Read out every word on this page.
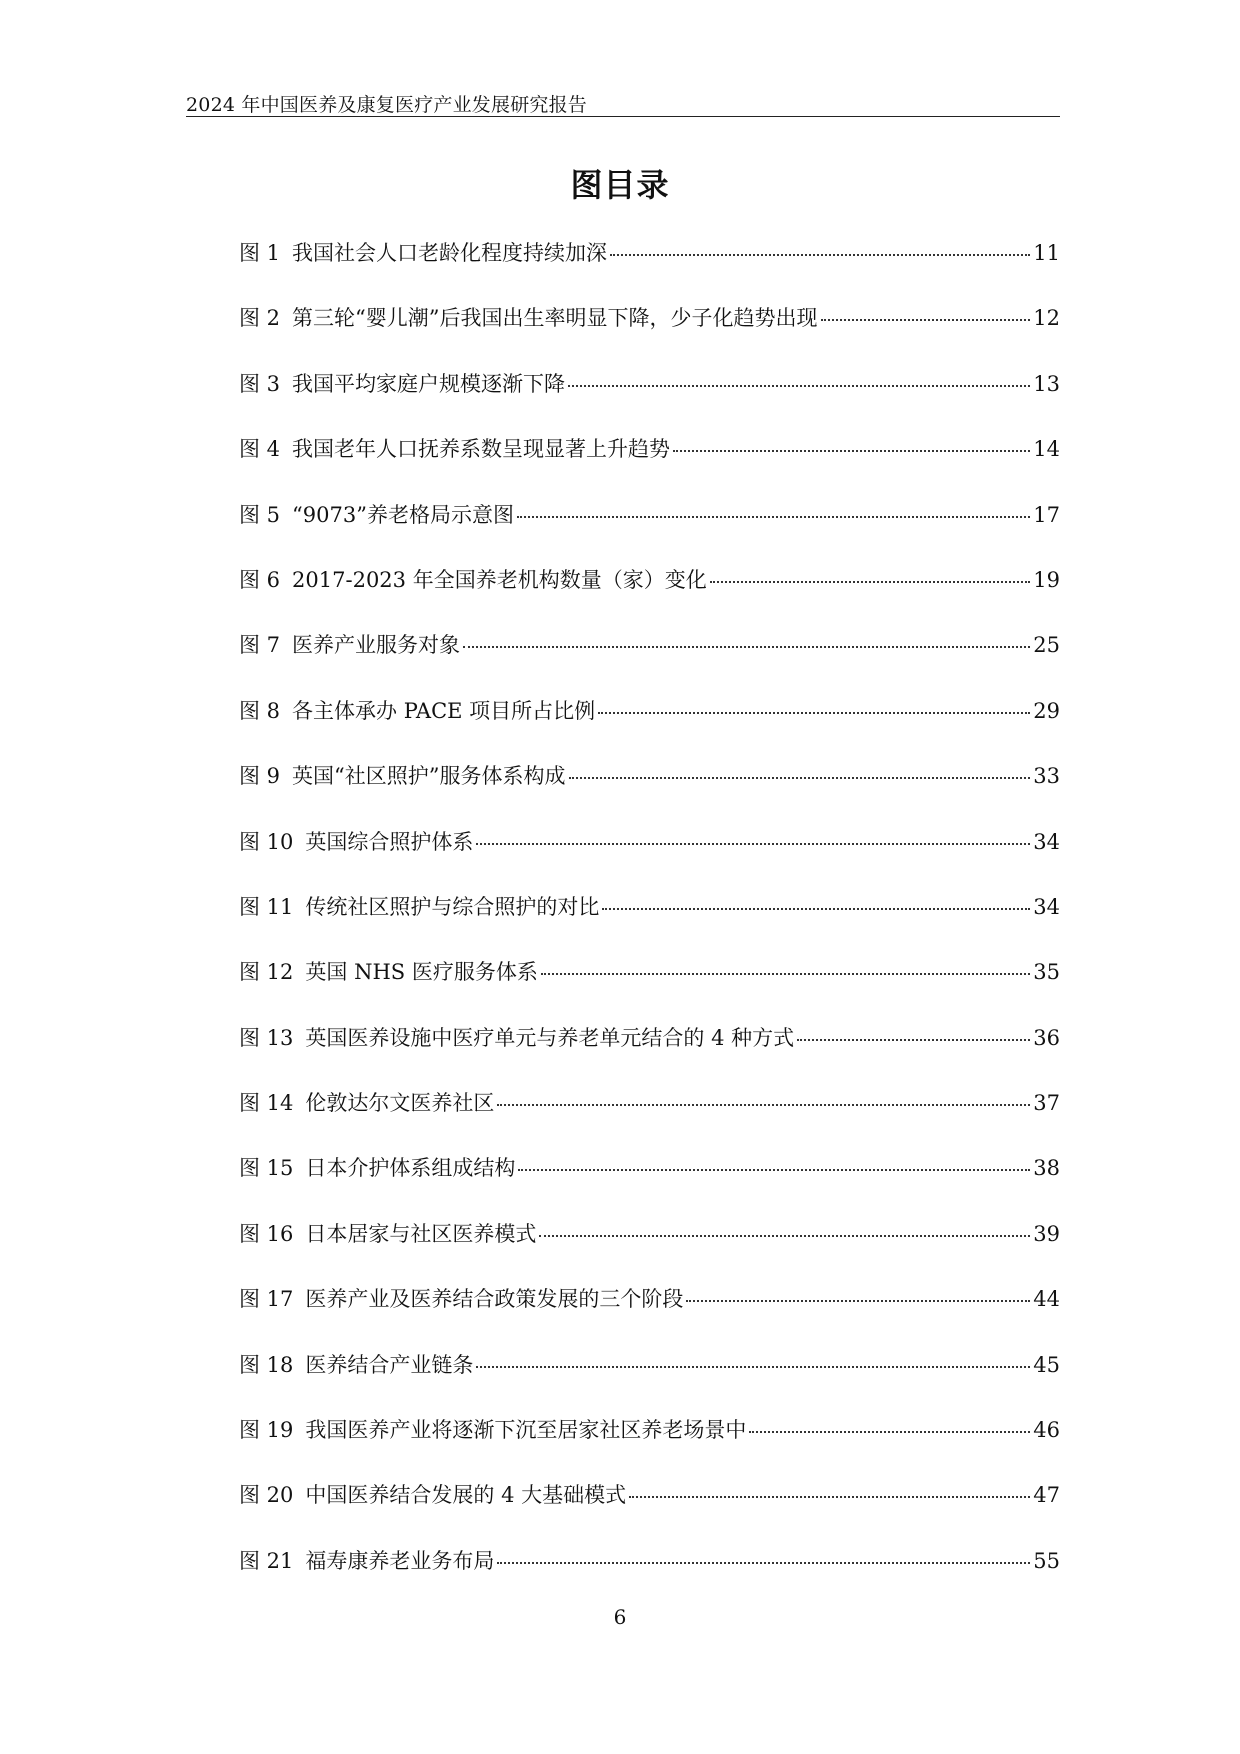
2024 年中国医养及康复医疗产业发展研究报告
图目录
图 1 我国社会人口老龄化程度持续加深	11
图 2 第三轮“婴儿潮”后我国出生率明显下降，少子化趋势出现	12
图 3 我国平均家庭户规模逐渐下降	13
图 4 我国老年人口抚养系数呈现显著上升趋势	14
图 5 “9073”养老格局示意图	17
图 6 2017-2023 年全国养老机构数量（家）变化	19
图 7 医养产业服务对象	25
图 8 各主体承办 PACE 项目所占比例	29
图 9 英国“社区照护”服务体系构成	33
图 10 英国综合照护体系	34
图 11 传统社区照护与综合照护的对比	34
图 12 英国 NHS 医疗服务体系	35
图 13 英国医养设施中医疗单元与养老单元结合的 4 种方式	36
图 14 伦敦达尔文医养社区	37
图 15 日本介护体系组成结构	38
图 16 日本居家与社区医养模式	39
图 17 医养产业及医养结合政策发展的三个阶段	44
图 18 医养结合产业链条	45
图 19 我国医养产业将逐渐下沉至居家社区养老场景中	46
图 20 中国医养结合发展的 4 大基础模式	47
图 21 福寿康养老业务布局	55
6
